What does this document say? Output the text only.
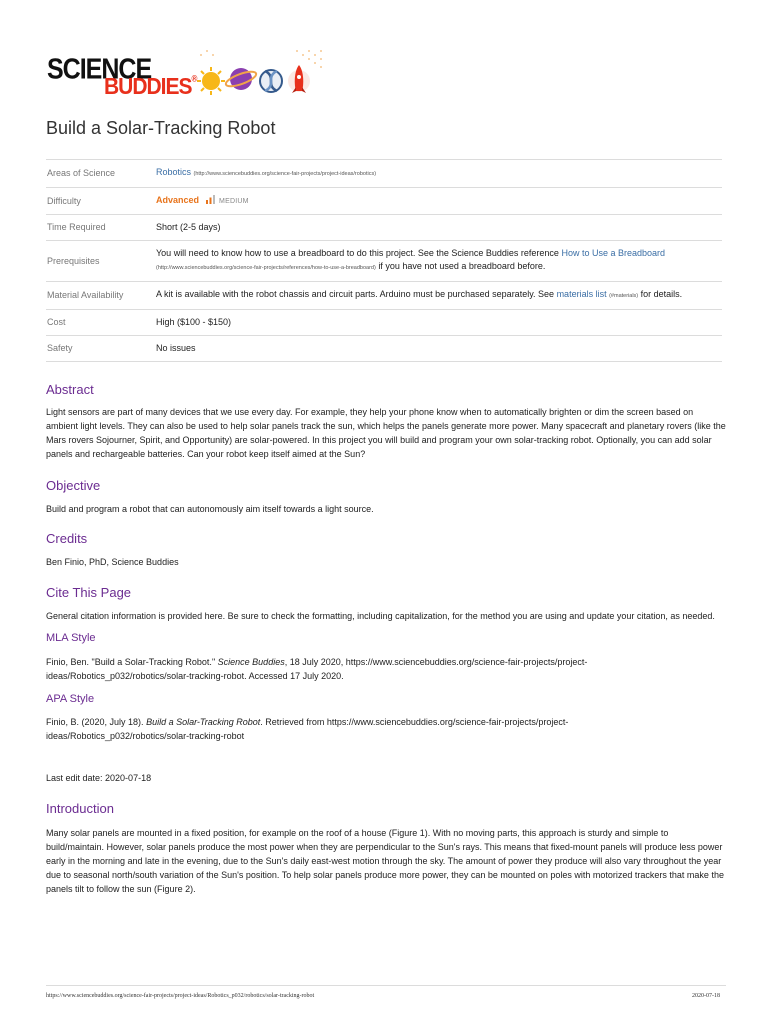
SCIENCE
BUDDIES®
Build a Solar-Tracking Robot
Areas of Science	Robotics (http://www.sciencebuddies.org/science-fair-projects/project-ideas/robotics)
Difficulty	Advanced MEDIUM
Time Required	Short (2-5 days)
Prerequisites	You will need to know how to use a breadboard to do this project. See the Science Buddies reference How to Use a Breadboard
(http://www.sciencebuddies.org/science-fair-projects/references/how-to-use-a-breadboard) if you have not used a breadboard before.
Material Availability	A kit is available with the robot chassis and circuit parts. Arduino must be purchased separately. See materials list (#materials) for details.
Cost	High ($100 - $150)
Safety	No issues
Abstract
Light sensors are part of many devices that we use every day. For example, they help your phone know when to automatically brighten or dim the screen based on ambient light levels. They can also be used to help solar panels track the sun, which helps the panels generate more power. Many spacecraft and planetary rovers (like the Mars rovers Sojourner, Spirit, and Opportunity) are solar-powered. In this project you will build and program your own solar-tracking robot. Optionally, you can add solar panels and rechargeable batteries. Can your robot keep itself aimed at the Sun?
Objective
Build and program a robot that can autonomously aim itself towards a light source.
Credits
Ben Finio, PhD, Science Buddies
Cite This Page
General citation information is provided here. Be sure to check the formatting, including capitalization, for the method you are using and update your citation, as needed.
MLA Style
Finio, Ben. "Build a Solar-Tracking Robot." Science Buddies, 18 July 2020, https://www.sciencebuddies.org/science-fair-projects/project-ideas/Robotics_p032/robotics/solar-tracking-robot. Accessed 17 July 2020.
APA Style
Finio, B. (2020, July 18). Build a Solar-Tracking Robot. Retrieved from https://www.sciencebuddies.org/science-fair-projects/project-ideas/Robotics_p032/robotics/solar-tracking-robot
Last edit date: 2020-07-18
Introduction
Many solar panels are mounted in a fixed position, for example on the roof of a house (Figure 1). With no moving parts, this approach is sturdy and simple to build/maintain. However, solar panels produce the most power when they are perpendicular to the Sun's rays. This means that fixed-mount panels will produce less power early in the morning and late in the evening, due to the Sun's daily east-west motion through the sky. The amount of power they produce will also vary throughout the year due to seasonal north/south variation of the Sun's position. To help solar panels produce more power, they can be mounted on poles with motorized trackers that make the panels tilt to follow the sun (Figure 2).
https://www.sciencebuddies.org/science-fair-projects/project-ideas/Robotics_p032/robotics/solar-tracking-robot	2020-07-18
